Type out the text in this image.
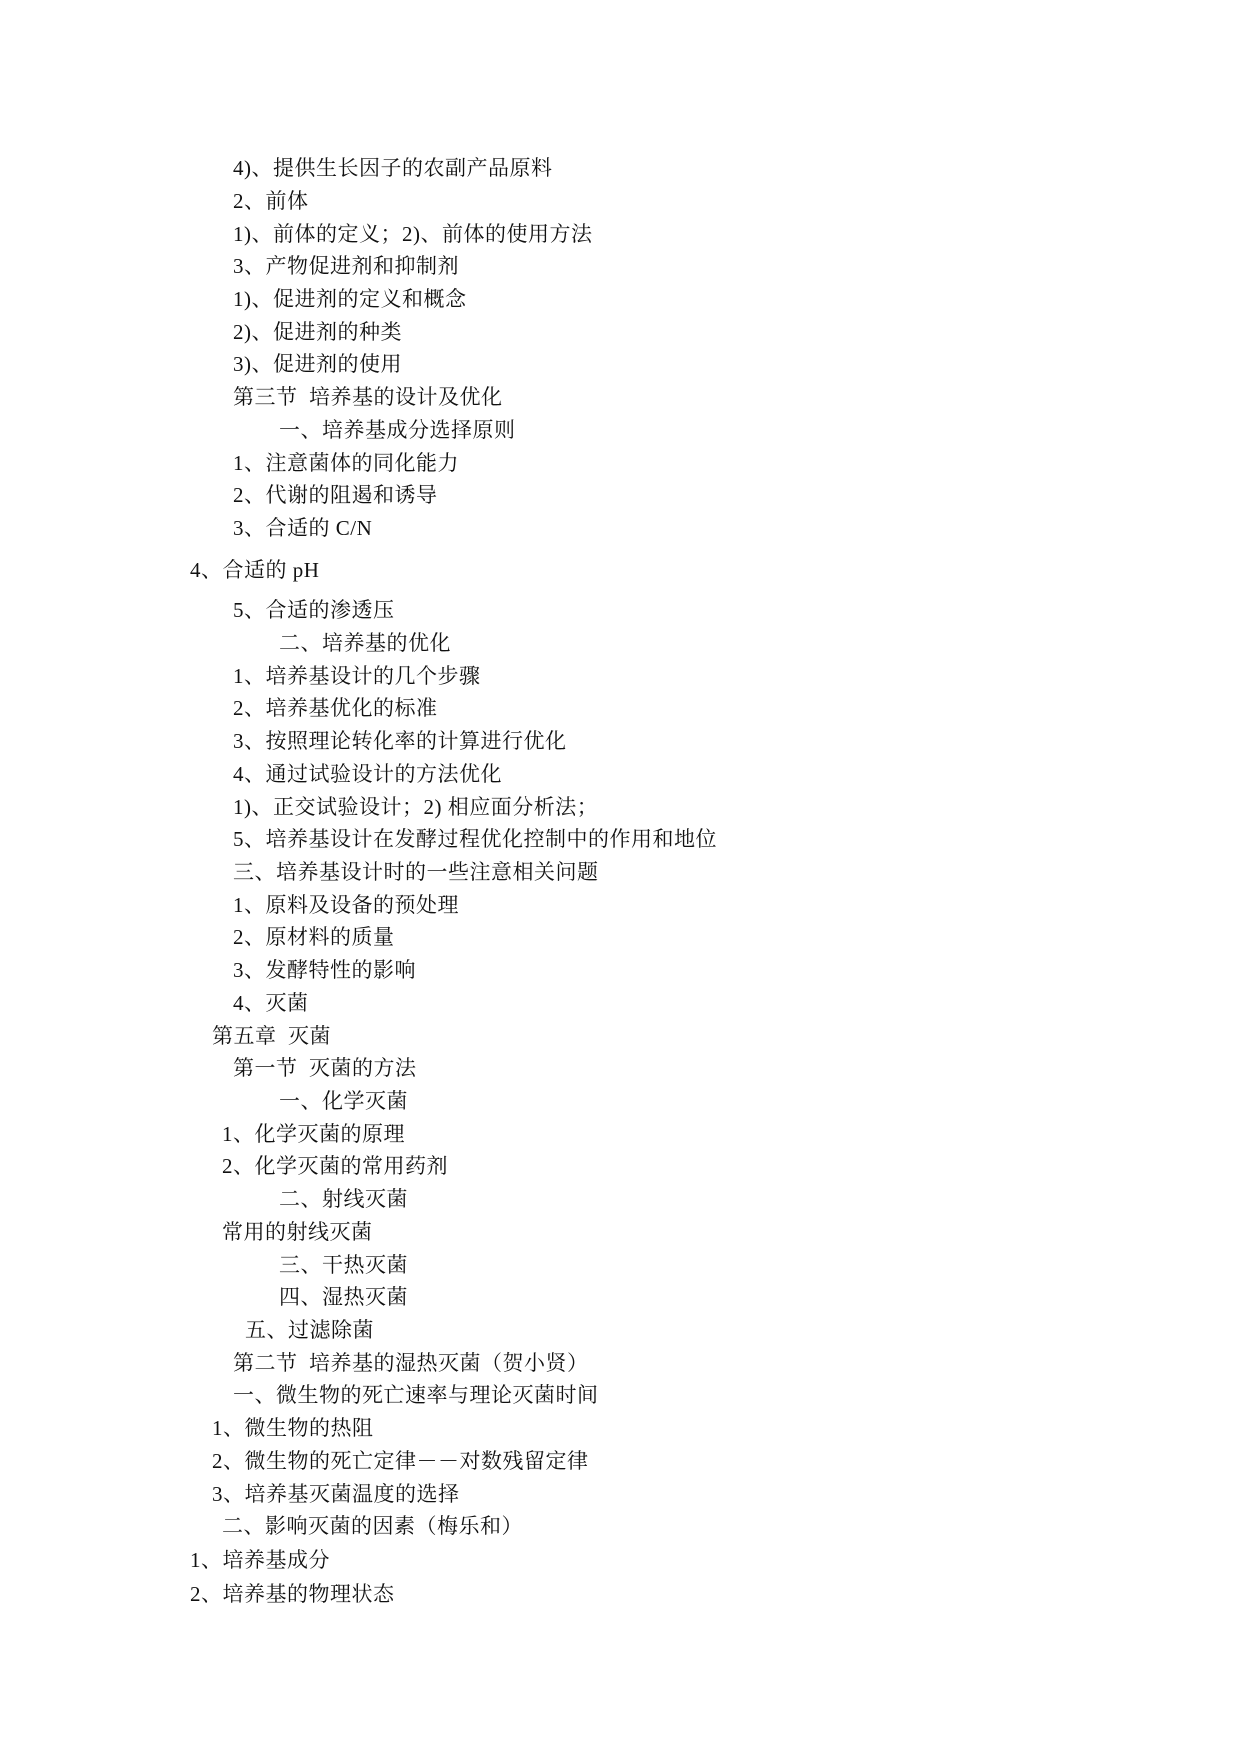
4)、提供生长因子的农副产品原料
2、前体
1)、前体的定义；2)、前体的使用方法
3、产物促进剂和抑制剂
1)、促进剂的定义和概念
2)、促进剂的种类
3)、促进剂的使用
第三节  培养基的设计及优化
一、培养基成分选择原则
1、注意菌体的同化能力
2、代谢的阻遏和诱导
3、合适的 C/N
4、合适的 pH
5、合适的渗透压
二、培养基的优化
1、培养基设计的几个步骤
2、培养基优化的标准
3、按照理论转化率的计算进行优化
4、通过试验设计的方法优化
1)、正交试验设计；2) 相应面分析法；
5、培养基设计在发酵过程优化控制中的作用和地位
三、培养基设计时的一些注意相关问题
1、原料及设备的预处理
2、原材料的质量
3、发酵特性的影响
4、灭菌
第五章  灭菌
第一节  灭菌的方法
一、化学灭菌
1、化学灭菌的原理
2、化学灭菌的常用药剂
二、射线灭菌
常用的射线灭菌
三、干热灭菌
四、湿热灭菌
五、过滤除菌
第二节  培养基的湿热灭菌（贺小贤）
一、微生物的死亡速率与理论灭菌时间
1、微生物的热阻
2、微生物的死亡定律－－对数残留定律
3、培养基灭菌温度的选择
二、影响灭菌的因素（梅乐和）
1、培养基成分
2、培养基的物理状态
